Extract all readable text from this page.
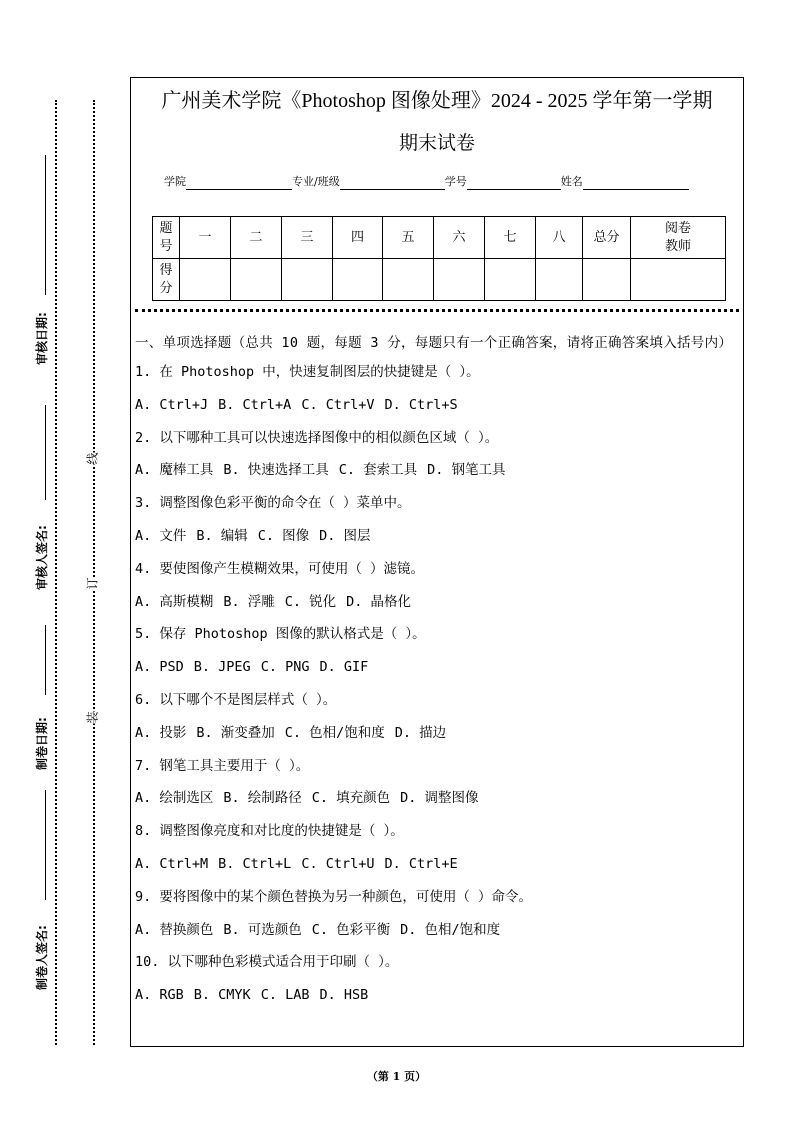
审核日期:
审核人签名:
制卷日期:
制卷人签名:
线
订
装
广州美术学院《Photoshop 图像处理》2024 - 2025 学年第一学期
期末试卷
学院	专业/班级	学号	姓名
题
号	一	二	三	四	五	六	七	八	总分	阅卷
教师
得
分										
一、单项选择题（总共 10 题，每题 3 分，每题只有一个正确答案，请将正确答案填入括号内）
1. 在 Photoshop 中，快速复制图层的快捷键是（ ）。
A. Ctrl+J B. Ctrl+A C. Ctrl+V D. Ctrl+S
2. 以下哪种工具可以快速选择图像中的相似颜色区域（ ）。
A. 魔棒工具 B. 快速选择工具 C. 套索工具 D. 钢笔工具
3. 调整图像色彩平衡的命令在（ ）菜单中。
A. 文件 B. 编辑 C. 图像 D. 图层
4. 要使图像产生模糊效果，可使用（ ）滤镜。
A. 高斯模糊 B. 浮雕 C. 锐化 D. 晶格化
5. 保存 Photoshop 图像的默认格式是（ ）。
A. PSD B. JPEG C. PNG D. GIF
6. 以下哪个不是图层样式（ ）。
A. 投影 B. 渐变叠加 C. 色相/饱和度 D. 描边
7. 钢笔工具主要用于（ ）。
A. 绘制选区 B. 绘制路径 C. 填充颜色 D. 调整图像
8. 调整图像亮度和对比度的快捷键是（ ）。
A. Ctrl+M B. Ctrl+L C. Ctrl+U D. Ctrl+E
9. 要将图像中的某个颜色替换为另一种颜色，可使用（ ）命令。
A. 替换颜色 B. 可选颜色 C. 色彩平衡 D. 色相/饱和度
10. 以下哪种色彩模式适合用于印刷（ ）。
A. RGB B. CMYK C. LAB D. HSB
（第 1 页）
